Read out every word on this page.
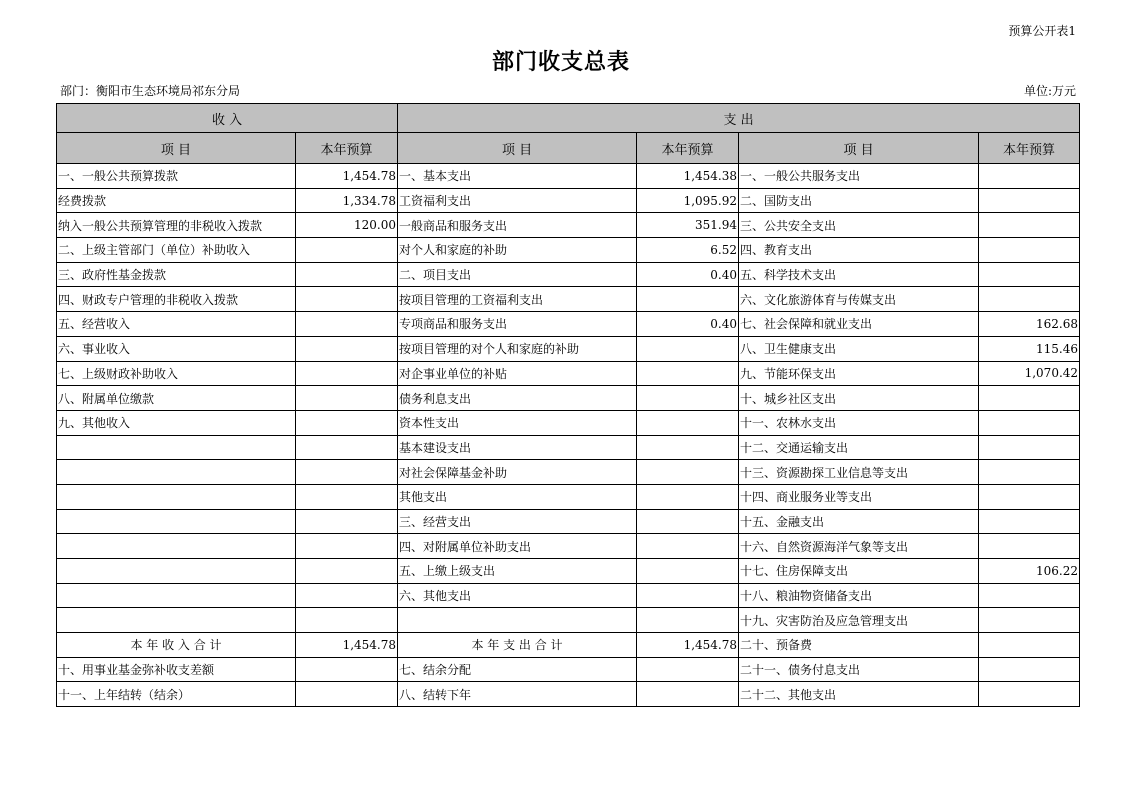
预算公开表1
部门收支总表
部门：衡阳市生态环境局祁东分局	单位:万元
收 入		支 出			
项 目	本年预算	项 目	本年预算	项 目	本年预算
一、一般公共预算拨款	1,454.78	一、基本支出	1,454.38	一、一般公共服务支出	
经费拨款	1,334.78	工资福利支出	1,095.92	二、国防支出	
纳入一般公共预算管理的非税收入拨款	120.00	一般商品和服务支出	351.94	三、公共安全支出	
二、上级主管部门（单位）补助收入		对个人和家庭的补助	6.52	四、教育支出	
三、政府性基金拨款		二、项目支出	0.40	五、科学技术支出	
四、财政专户管理的非税收入拨款		按项目管理的工资福利支出		六、文化旅游体育与传媒支出	
五、经营收入		专项商品和服务支出	0.40	七、社会保障和就业支出	162.68
六、事业收入		按项目管理的对个人和家庭的补助		八、卫生健康支出	115.46
七、上级财政补助收入		对企事业单位的补贴		九、节能环保支出	1,070.42
八、附属单位缴款		债务利息支出		十、城乡社区支出	
九、其他收入		资本性支出		十一、农林水支出	
		基本建设支出		十二、交通运输支出	
		对社会保障基金补助		十三、资源勘探工业信息等支出	
		其他支出		十四、商业服务业等支出	
		三、经营支出		十五、金融支出	
		四、对附属单位补助支出		十六、自然资源海洋气象等支出	
		五、上缴上级支出		十七、住房保障支出	106.22
		六、其他支出		十八、粮油物资储备支出	
				十九、灾害防治及应急管理支出	
本 年 收 入 合 计	1,454.78	本 年 支 出 合 计	1,454.78	二十、预备费	
十、用事业基金弥补收支差额		七、结余分配		二十一、债务付息支出	
十一、上年结转（结余）		八、结转下年		二十二、其他支出	
